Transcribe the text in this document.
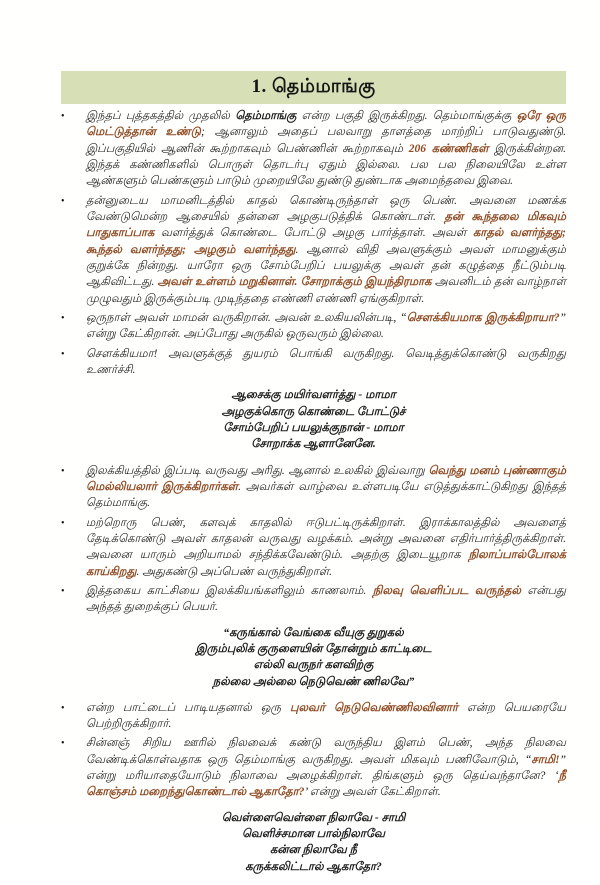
1. தெம்மாங்கு
•	இந்தப் புத்தகத்தில் முதலில் தெம்மாங்கு என்ற பகுதி இருக்கிறது. தெம்மாங்குக்கு ஒரே ஒரு மெட்டுத்தான் உண்டு; ஆனாலும் அதைப் பலவாறு தாளத்தை மாற்றிப் பாடுவதுண்டு. இப்பகுதியில் ஆணின் கூற்றாகவும் பெண்ணின் கூற்றாகவும் 206 கண்ணிகள் இருக்கின்றன. இந்தக் கண்ணிகளில் பொருள் தொடர்பு ஏதும் இல்லை. பல பல நிலையிலே உள்ள ஆண்களும் பெண்களும் பாடும் முறையிலே துண்டு துண்டாக அமைந்தவை இவை.
•	தன்னுடைய மாமனிடத்தில் காதல் கொண்டிருந்தாள் ஒரு பெண். அவனை மணக்க வேண்டுமென்ற ஆசையில் தன்னை அழகுபடுத்திக் கொண்டாள். தன் கூந்தலை மிகவும் பாதுகாப்பாக வளர்த்துக் கொண்டை போட்டு அழகு பார்த்தாள். அவள் காதல் வளர்ந்தது; கூந்தல் வளர்ந்தது; அழகும் வளர்ந்தது. ஆனால் விதி அவளுக்கும் அவள் மாமனுக்கும் குறுக்கே நின்றது. யாரோ ஒரு சோம்பேறிப் பயலுக்கு அவள் தன் கழுத்தை நீட்டும்படி ஆகிவிட்டது. அவள் உள்ளம் மறுகினாள். சோறாக்கும் இயந்திரமாக அவனிடம் தன் வாழ்நாள் முழுவதும் இருக்கும்படி முடிந்ததை எண்ணி எண்ணி ஏங்குகிறாள்.
•	ஒருநாள் அவள் மாமன் வருகிறான். அவன் உலகியலின்படி, “சௌக்கியமாக இருக்கிறாயா?” என்று கேட்கிறான். அப்போது அருகில் ஒருவரும் இல்லை.
•	சௌக்கியமா! அவளுக்குத் துயரம் பொங்கி வருகிறது. வெடித்துக்கொண்டு வருகிறது உணர்ச்சி.
ஆசைக்கு மயிர்வளர்த்து - மாமா
அழகுக்கொரு கொண்டை போட்டுச்
சோம்பேறிப் பயலுக்குநான் - மாமா
சோறாக்க ஆளானேனே.
•	இலக்கியத்தில் இப்படி வருவது அரிது. ஆனால் உலகில் இவ்வாறு வெந்து மனம் புண்ணாகும் மெல்லியலார் இருக்கிறார்கள். அவர்கள் வாழ்வை உள்ளபடியே எடுத்துக்காட்டுகிறது இந்தத் தெம்மாங்கு.
•	மற்றொரு பெண், களவுக் காதலில் ஈடுபட்டிருக்கிறாள். இராக்காலத்தில் அவளைத் தேடிக்கொண்டு அவள் காதலன் வருவது வழக்கம். அன்று அவனை எதிர்பார்த்திருக்கிறாள். அவனை யாரும் அறியாமல் சந்திக்கவேண்டும். அதற்கு இடையூறாக நிலாப்பால்போலக் காய்கிறது. அதுகண்டு அப்பெண் வருந்துகிறாள்.
•	இத்தகைய காட்சியை இலக்கியங்களிலும் காணலாம். நிலவு வெளிப்பட வருந்தல் என்பது அந்தத் துறைக்குப் பெயர்.
“கருங்கால் வேங்கை வீயுகு துறுகல்
இரும்புலிக் குருளையின் தோன்றும் காட்டிடை
எல்லி வருநர் களவிற்கு
நல்லை அல்லை நெடுவெண் ணிலவே”
•	என்ற பாட்டைப் பாடியதனால் ஒரு புலவர் நெடுவெண்ணிலவினார் என்ற பெயரையே பெற்றிருக்கிறார்.
•	சின்னஞ் சிறிய ஊரில் நிலவைக் கண்டு வருந்திய இளம் பெண், அந்த நிலவை வேண்டிக்கொள்வதாக ஒரு தெம்மாங்கு வருகிறது. அவள் மிகவும் பணிவோடும், “சாமி!” என்று மரியாதையோடும் நிலாவை அழைக்கிறாள். திங்களும் ஒரு தெய்வந்தானே? ‘நீ கொஞ்சம் மறைந்துகொண்டால் ஆகாதோ?’ என்று அவள் கேட்கிறாள்.
வெள்ளைவெள்ளை நிலாவே - சாமி
வெளிச்சமான பால்நிலாவே
கன்ன நிலாவே நீ
கருக்கலிட்டால் ஆகாதோ?
